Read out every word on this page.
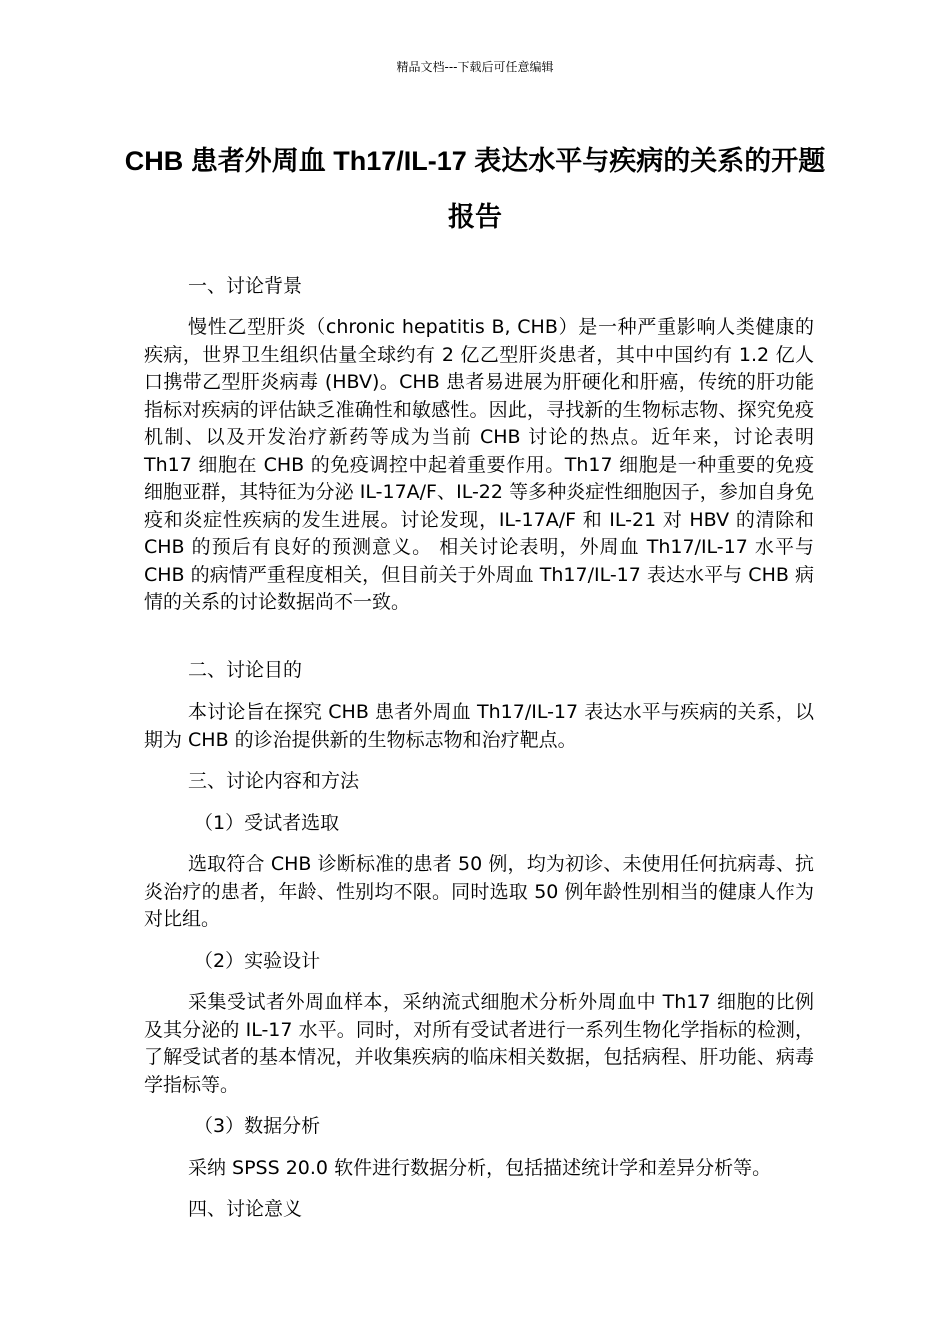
精品文档---下载后可任意编辑
CHB 患者外周血 Th17/IL-17 表达水平与疾病的关系的开题报告

一、讨论背景

慢性乙型肝炎（chronic hepatitis B, CHB）是一种严重影响人类健康的疾病，世界卫生组织估量全球约有 2 亿乙型肝炎患者，其中中国约有 1.2 亿人口携带乙型肝炎病毒 (HBV)。CHB 患者易进展为肝硬化和肝癌，传统的肝功能指标对疾病的评估缺乏准确性和敏感性。因此，寻找新的生物标志物、探究免疫机制、以及开发治疗新药等成为当前 CHB 讨论的热点。近年来，讨论表明 Th17 细胞在 CHB 的免疫调控中起着重要作用。Th17 细胞是一种重要的免疫细胞亚群，其特征为分泌 IL-17A/F、IL-22 等多种炎症性细胞因子，参加自身免疫和炎症性疾病的发生进展。讨论发现，IL-17A/F 和 IL-21 对 HBV 的清除和 CHB 的预后有良好的预测意义。 相关讨论表明，外周血 Th17/IL-17 水平与 CHB 的病情严重程度相关，但目前关于外周血 Th17/IL-17 表达水平与 CHB 病情的关系的讨论数据尚不一致。

二、讨论目的

本讨论旨在探究 CHB 患者外周血 Th17/IL-17 表达水平与疾病的关系，以期为 CHB 的诊治提供新的生物标志物和治疗靶点。

三、讨论内容和方法

（1）受试者选取

选取符合 CHB 诊断标准的患者 50 例，均为初诊、未使用任何抗病毒、抗炎治疗的患者，年龄、性别均不限。同时选取 50 例年龄性别相当的健康人作为对比组。

（2）实验设计

采集受试者外周血样本，采纳流式细胞术分析外周血中 Th17 细胞的比例及其分泌的 IL-17 水平。同时，对所有受试者进行一系列生物化学指标的检测，了解受试者的基本情况，并收集疾病的临床相关数据，包括病程、肝功能、病毒学指标等。

（3）数据分析

采纳 SPSS 20.0 软件进行数据分析，包括描述统计学和差异分析等。

四、讨论意义
